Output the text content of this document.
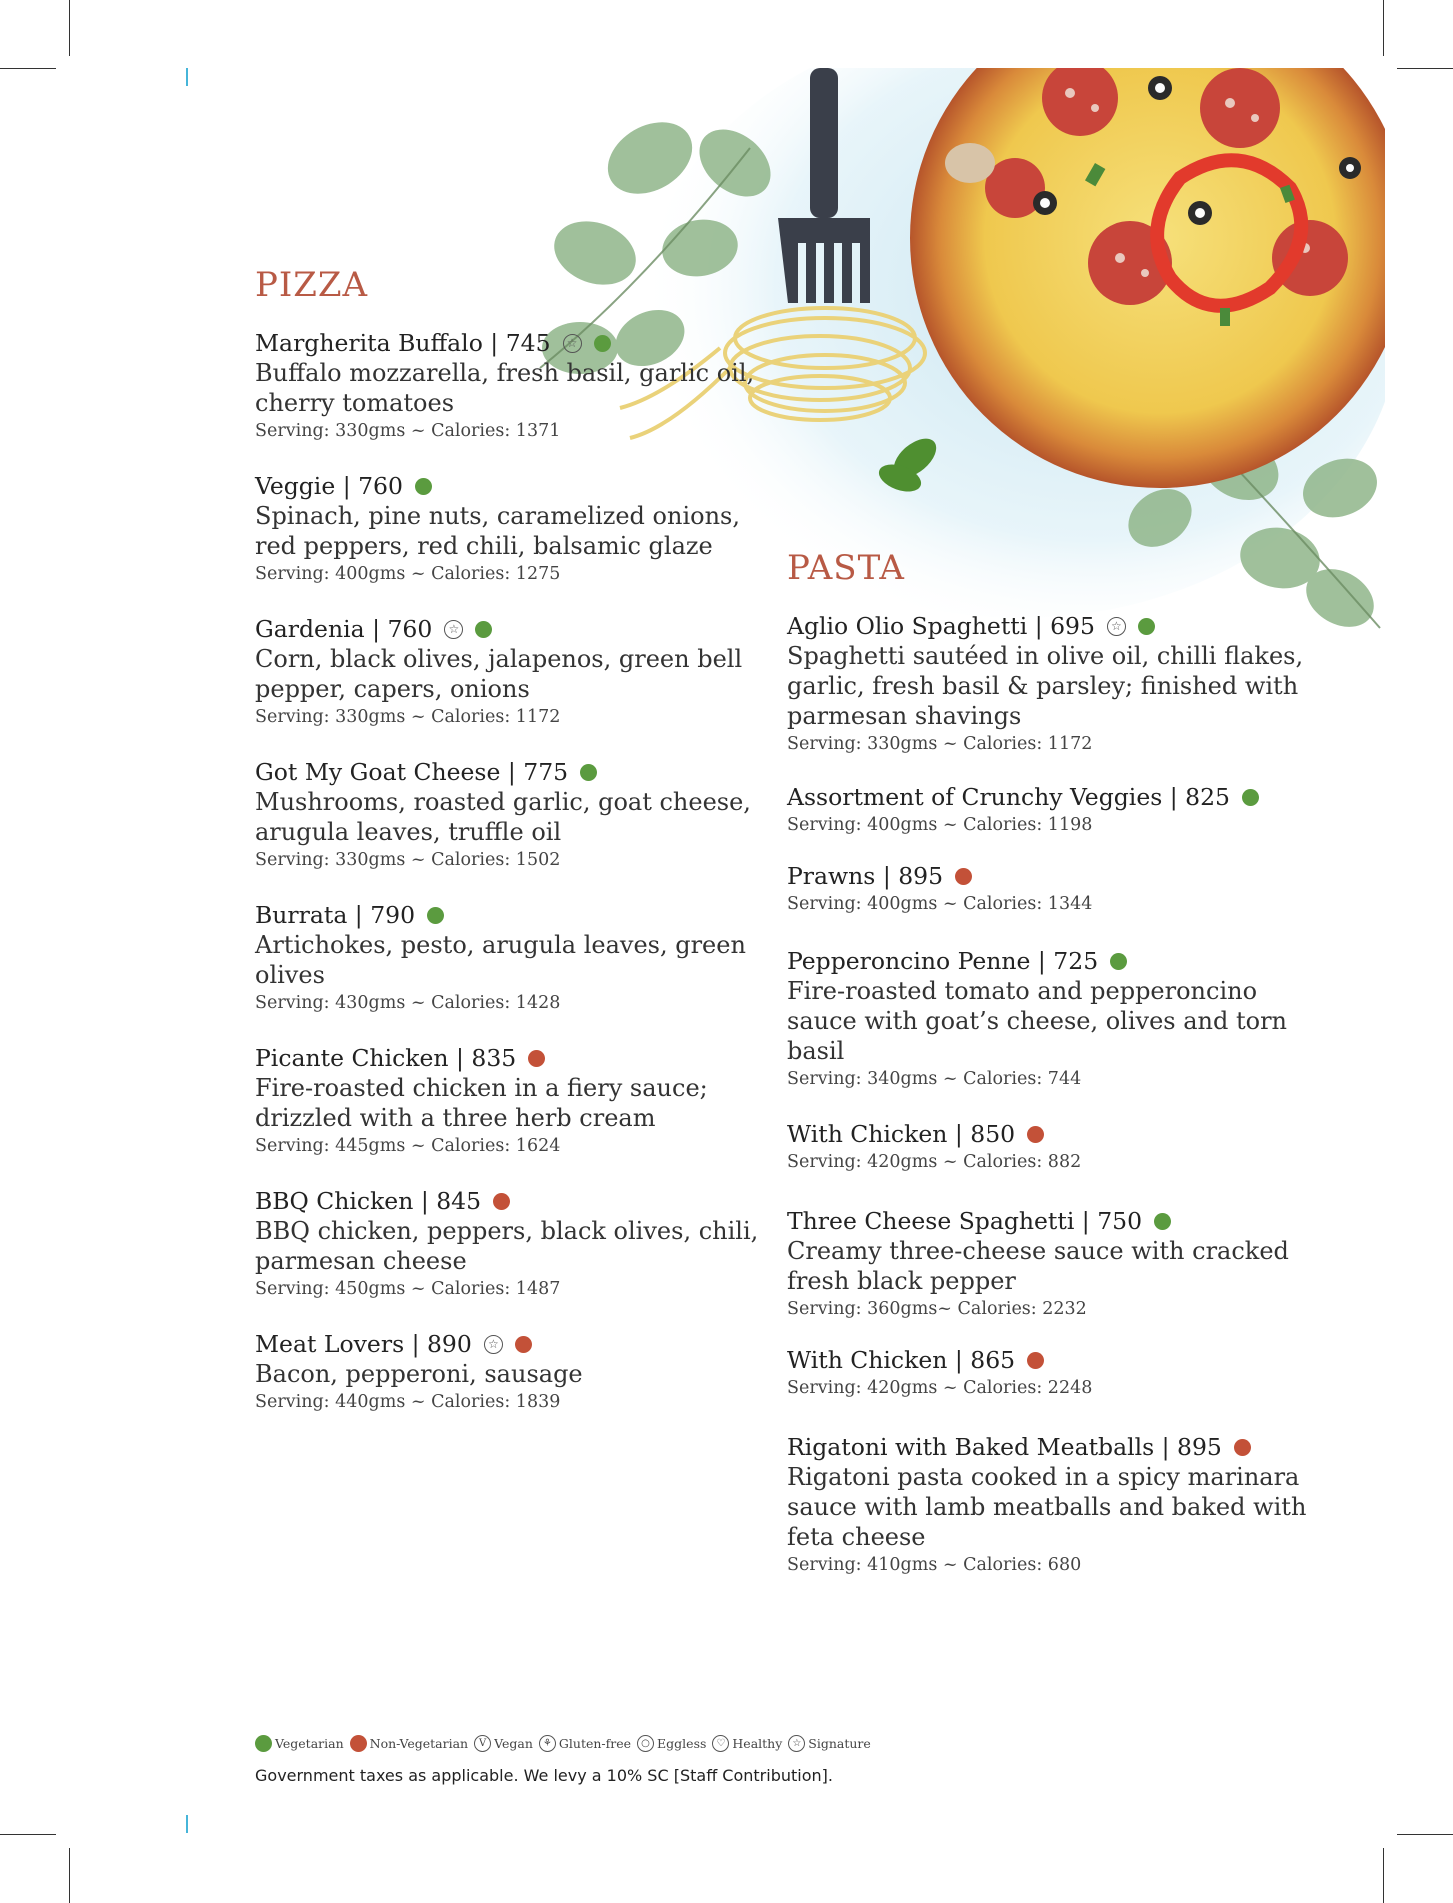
PIZZA
Margherita Buffalo | 745	☆
Buffalo mozzarella, fresh basil, garlic oil, cherry tomatoes
Serving: 330gms ~ Calories: 1371
Veggie | 760
Spinach, pine nuts, caramelized onions, red peppers, red chili, balsamic glaze
Serving: 400gms ~ Calories: 1275
Gardenia | 760	☆
Corn, black olives, jalapenos, green bell pepper, capers, onions
Serving: 330gms ~ Calories: 1172
Got My Goat Cheese | 775
Mushrooms, roasted garlic, goat cheese, arugula leaves, truffle oil
Serving: 330gms ~ Calories: 1502
Burrata | 790
Artichokes, pesto, arugula leaves, green olives
Serving: 430gms ~ Calories: 1428
Picante Chicken | 835
Fire-roasted chicken in a fiery sauce; drizzled with a three herb cream
Serving: 445gms ~ Calories: 1624
BBQ Chicken | 845
BBQ chicken, peppers, black olives, chili, parmesan cheese
Serving: 450gms ~ Calories: 1487
Meat Lovers | 890	☆
Bacon, pepperoni, sausage
Serving: 440gms ~ Calories: 1839
PASTA
Aglio Olio Spaghetti | 695	☆
Spaghetti sautéed in olive oil, chilli flakes, garlic, fresh basil & parsley; finished with parmesan shavings
Serving: 330gms ~ Calories: 1172
Assortment of Crunchy Veggies | 825
Serving: 400gms ~ Calories: 1198
Prawns | 895
Serving: 400gms ~ Calories: 1344
Pepperoncino Penne | 725
Fire-roasted tomato and pepperoncino sauce with goat’s cheese, olives and torn basil
Serving: 340gms ~ Calories: 744
With Chicken | 850
Serving: 420gms ~ Calories: 882
Three Cheese Spaghetti | 750
Creamy three-cheese sauce with cracked fresh black pepper
Serving: 360gms~ Calories: 2232
With Chicken | 865
Serving: 420gms ~ Calories: 2248
Rigatoni with Baked Meatballs | 895
Rigatoni pasta cooked in a spicy marinara sauce with lamb meatballs and baked with feta cheese
Serving: 410gms ~ Calories: 680
Vegetarian Non-Vegetarian	V Vegan	⚘ Gluten-free	○ Eggless	♡ Healthy	☆ Signature
Government taxes as applicable. We levy a 10% SC [Staff Contribution].
